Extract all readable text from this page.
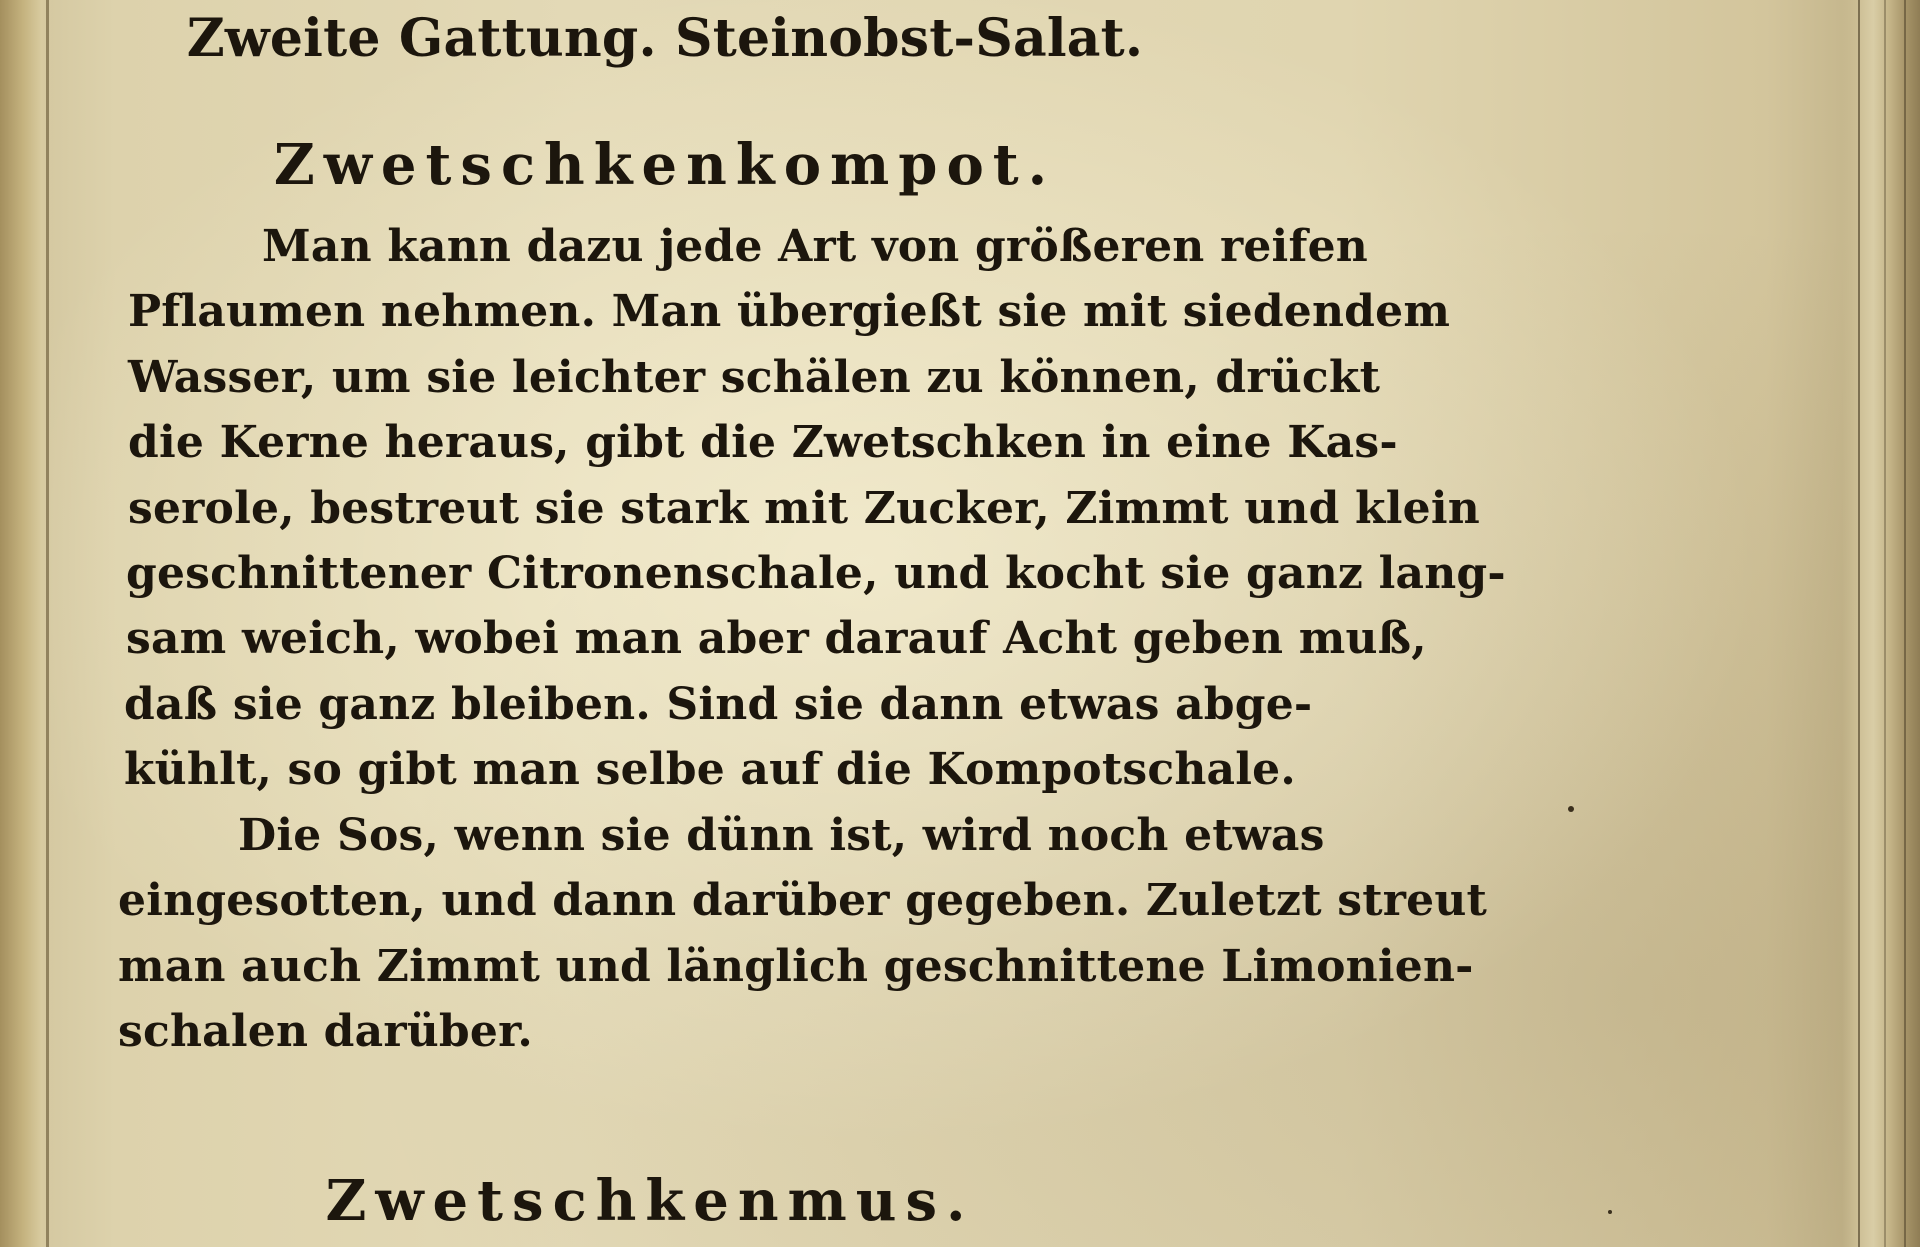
Zweite Gattung. Steinobst-Salat.
Zwetschkenkompot.
Man kann dazu jede Art von größeren reifen
Pflaumen nehmen. Man übergießt sie mit siedendem
Wasser, um sie leichter schälen zu können, drückt
die Kerne heraus, gibt die Zwetschken in eine Kas-
serole, bestreut sie stark mit Zucker, Zimmt und klein
geschnittener Citronenschale, und kocht sie ganz lang-
sam weich, wobei man aber darauf Acht geben muß,
daß sie ganz bleiben. Sind sie dann etwas abge-
kühlt, so gibt man selbe auf die Kompotschale.
Die Sos, wenn sie dünn ist, wird noch etwas
eingesotten, und dann darüber gegeben. Zuletzt streut
man auch Zimmt und länglich geschnittene Limonien-
schalen darüber.
Zwetschkenmus.
